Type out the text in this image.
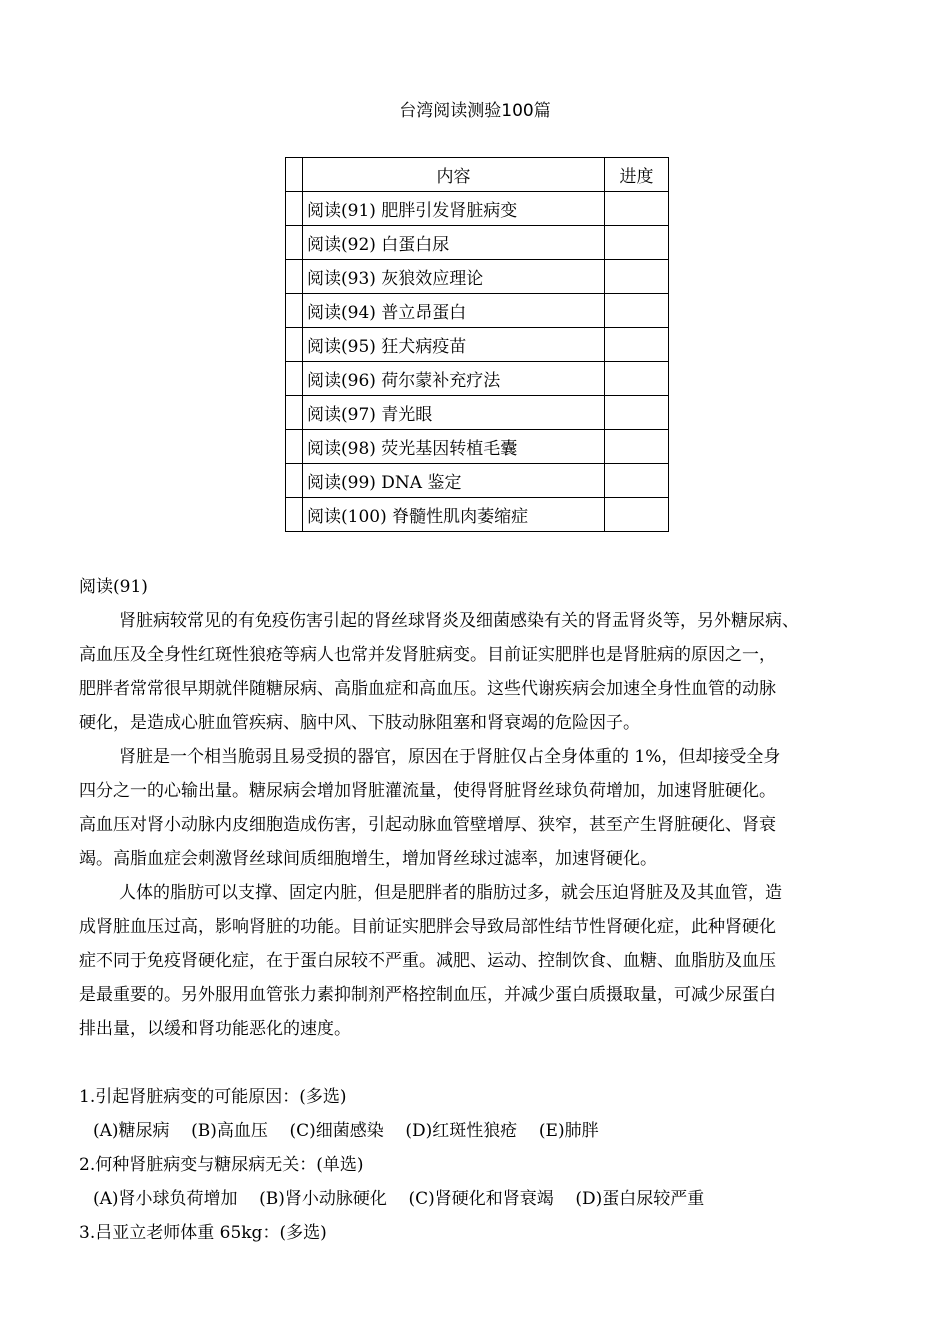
台湾阅读测验100篇
	内容	进度
	阅读(91) 肥胖引发肾脏病变	
	阅读(92) 白蛋白尿	
	阅读(93) 灰狼效应理论	
	阅读(94) 普立昂蛋白	
	阅读(95) 狂犬病疫苗	
	阅读(96) 荷尔蒙补充疗法	
	阅读(97) 青光眼	
	阅读(98) 荧光基因转植毛囊	
	阅读(99) DNA 鉴定	
	阅读(100) 脊髓性肌肉萎缩症	

阅读(91)

肾脏病较常见的有免疫伤害引起的肾丝球肾炎及细菌感染有关的肾盂肾炎等，另外糖尿病、

高血压及全身性红斑性狼疮等病人也常并发肾脏病变。目前证实肥胖也是肾脏病的原因之一，

肥胖者常常很早期就伴随糖尿病、高脂血症和高血压。这些代谢疾病会加速全身性血管的动脉

硬化，是造成心脏血管疾病、脑中风、下肢动脉阻塞和肾衰竭的危险因子。

肾脏是一个相当脆弱且易受损的器官，原因在于肾脏仅占全身体重的 1%，但却接受全身

四分之一的心输出量。糖尿病会增加肾脏灌流量，使得肾脏肾丝球负荷增加，加速肾脏硬化。

高血压对肾小动脉内皮细胞造成伤害，引起动脉血管壁增厚、狭窄，甚至产生肾脏硬化、肾衰

竭。高脂血症会刺激肾丝球间质细胞增生，增加肾丝球过滤率，加速肾硬化。

人体的脂肪可以支撑、固定内脏，但是肥胖者的脂肪过多，就会压迫肾脏及及其血管，造

成肾脏血压过高，影响肾脏的功能。目前证实肥胖会导致局部性结节性肾硬化症，此种肾硬化

症不同于免疫肾硬化症，在于蛋白尿较不严重。减肥、运动、控制饮食、血糖、血脂肪及血压

是最重要的。另外服用血管张力素抑制剂严格控制血压，并减少蛋白质摄取量，可减少尿蛋白

排出量，以缓和肾功能恶化的速度。

1.引起肾脏病变的可能原因：(多选)

(A)糖尿病    (B)高血压    (C)细菌感染    (D)红斑性狼疮    (E)肺胖

2.何种肾脏病变与糖尿病无关：(单选)

(A)肾小球负荷增加    (B)肾小动脉硬化    (C)肾硬化和肾衰竭    (D)蛋白尿较严重

3.吕亚立老师体重 65kg：(多选)
